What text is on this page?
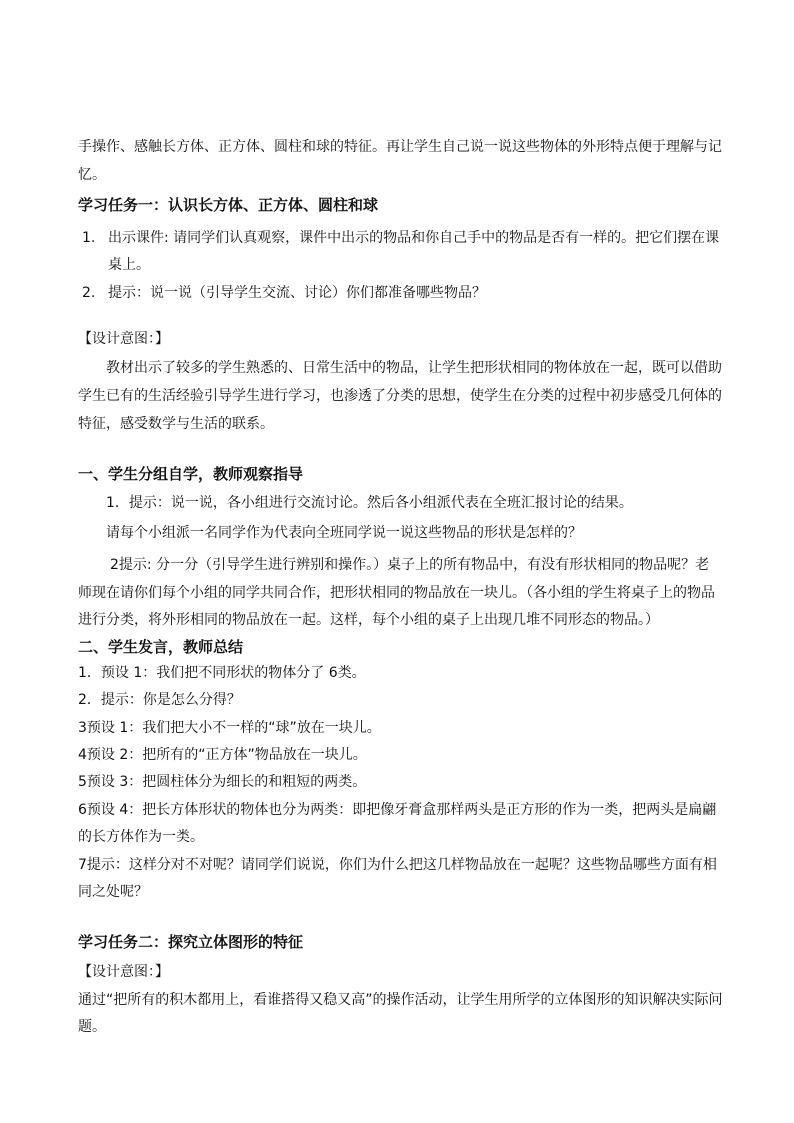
手操作、感触长方体、正方体、圆柱和球的特征。再让学生自己说一说这些物体的外形特点便于理解与记
忆。
学习任务一：认识长方体、正方体、圆柱和球
1. 出示课件: 请同学们认真观察，课件中出示的物品和你自己手中的物品是否有一样的。把它们摆在课
桌上。
2. 提示：说一说（引导学生交流、讨论）你们都准备哪些物品？
【设计意图：】
教材出示了较多的学生熟悉的、日常生活中的物品，让学生把形状相同的物体放在一起，既可以借助
学生已有的生活经验引导学生进行学习，也渗透了分类的思想，使学生在分类的过程中初步感受几何体的
特征，感受数学与生活的联系。
一、学生分组自学，教师观察指导
1．提示：说一说，各小组进行交流讨论。然后各小组派代表在全班汇报讨论的结果。
请每个小组派一名同学作为代表向全班同学说一说这些物品的形状是怎样的？
2提示: 分一分（引导学生进行辨别和操作。）桌子上的所有物品中，有没有形状相同的物品呢？老
师现在请你们每个小组的同学共同合作，把形状相同的物品放在一块儿。（各小组的学生将桌子上的物品
进行分类，将外形相同的物品放在一起。这样，每个小组的桌子上出现几堆不同形态的物品。）
二、学生发言，教师总结
1．预设 1：我们把不同形状的物体分了 6类。
2．提示：你是怎么分得？
3预设 1：我们把大小不一样的“球”放在一块儿。
4预设 2：把所有的“正方体”物品放在一块儿。
5预设 3：把圆柱体分为细长的和粗短的两类。
6预设 4：把长方体形状的物体也分为两类：即把像牙膏盒那样两头是正方形的作为一类，把两头是扁翩
的长方体作为一类。
7提示：这样分对不对呢？请同学们说说，你们为什么把这几样物品放在一起呢？这些物品哪些方面有相
同之处呢？
学习任务二：探究立体图形的特征
【设计意图：】
通过“把所有的积木都用上，看谁搭得又稳又高”的操作活动，让学生用所学的立体图形的知识解决实际问
题。
